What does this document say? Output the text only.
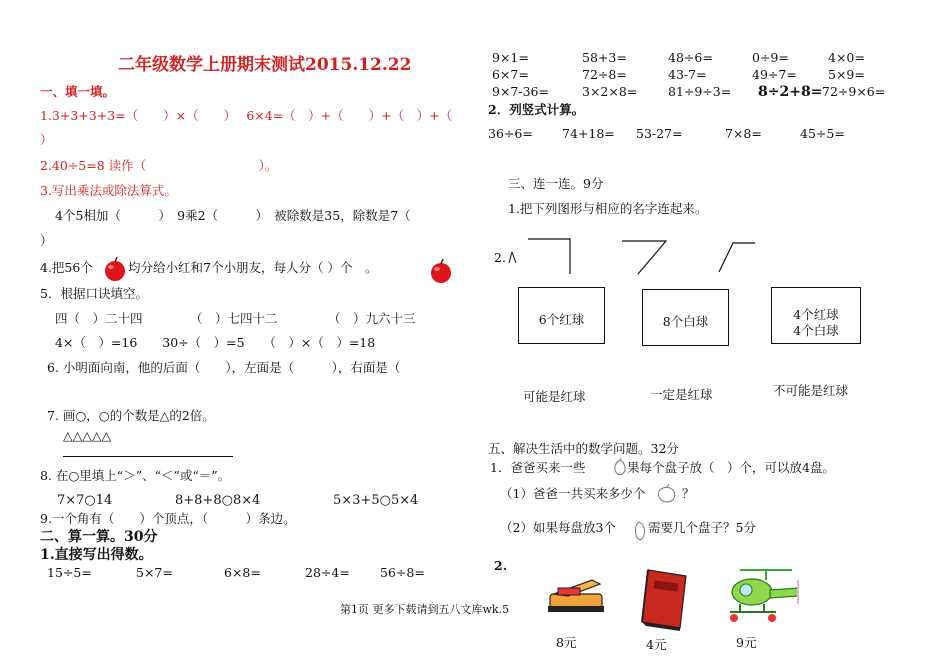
二年级数学上册期末测试2015.12.22
一、填一填。
1.3+3+3+3=（　　）×（　　）　 6×4=（　）+（　　）+（　）+（
）
2.40÷5=8 读作（　　　　　　　　　）。
3.写出乘法或除法算式。
4个5相加（　　　）　9乘2（　　　）　被除数是35，除数是7（
）
4.把56个	均分给小红和7个小朋友，每人分（ ）个　。
5．根据口诀填空。
四（　）二十四	（　）七四十二	（　）九六十三
4×（　）=16　　30÷（　）=5　　（　）×（　）=18
6. 小明面向南，他的后面（　　），左面是（　　　），右面是（
7. 画○，○的个数是△的2倍。
△△△△△
8. 在○里填上“＞”、“＜”或“＝”。
7×7○14	8+8+8○8×4	5×3+5○5×4
9.一个角有（　　）个顶点，（　　　）条边。
二、算一算。30分
1.直接写出得数。
15÷5=	5×7=	6×8=	28÷4= 56÷8=
9×1=	58+3=	48÷6=	0÷9=	4×0=
6×7=	72÷8=	43-7=	49÷7= 5×9=
9×7-36=	3×2×8= 81÷9÷3= 8÷2+8= 72÷9×6=
2．列竖式计算。
36÷6= 74+18= 53-27=	7×8=	45÷5=
三、连一连。9分
1.把下列图形与相应的名字连起来。
2.
6个红球	8个白球	4个红球
4个白球
可能是红球	一定是红球	不可能是红球
五、解决生活中的数学问题。32分
1．爸爸买来一些	果每个盘子放（　）个，可以放4盘。
（1）爸爸一共买来多少个	？
（2）如果每盘放3个	需要几个盘子？5分
2.
8元	4元	9元
第1页 更多下载请到五八文库wk.5
